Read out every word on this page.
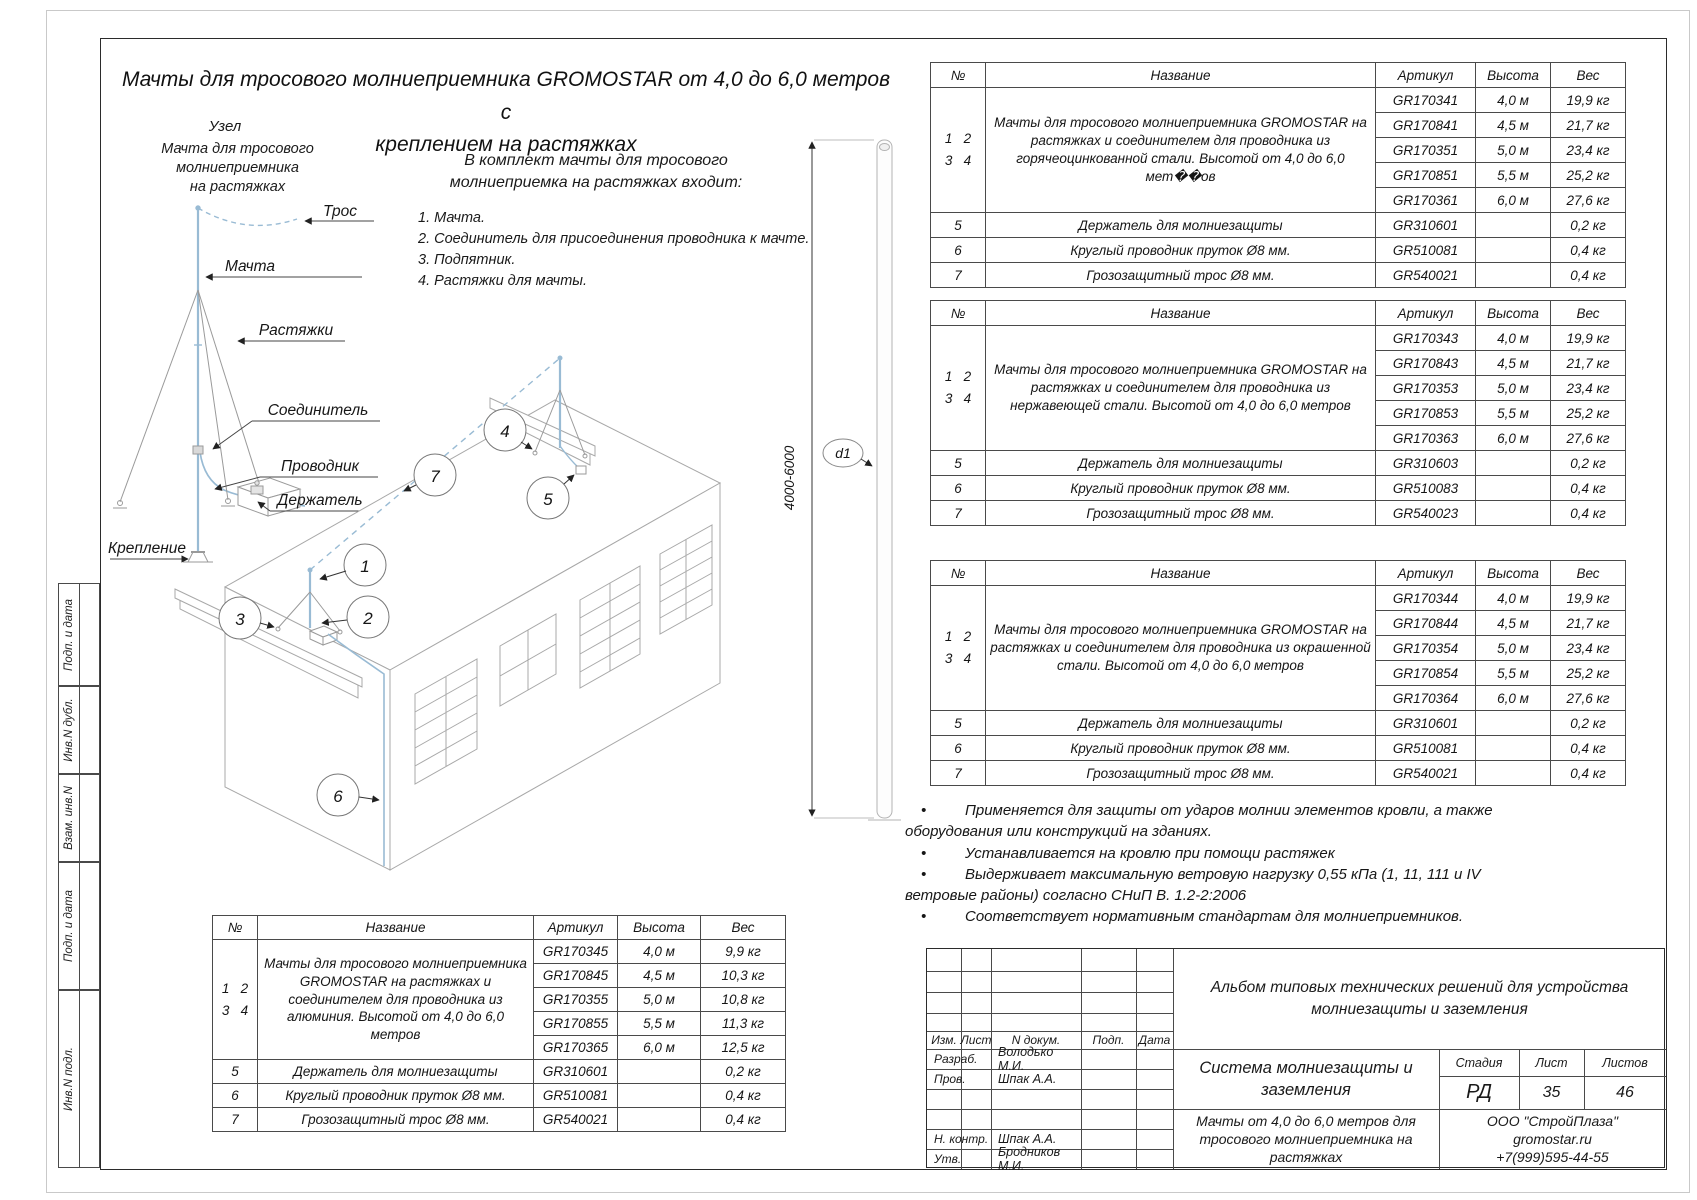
Подп. и дата
Инв.N дубл.
Взам. инв.N
Подп. и дата
Инв.N подл.
Мачты для тросового молниеприемника GROMOSTAR от 4,0 до 6,0 метров с
креплением на растяжках
Узел
Мачта для тросового молниеприемника
на растяжках
В комплект мачты для тросового
молниеприемка на растяжках входит:
1. Мачта.
2. Соединитель для присоединения проводника к мачте.
3. Подпятник.
4. Растяжки для мачты.
Трос
Мачта
Растяжки
Соединитель
Проводник
Держатель
Крепление
1
2
3
4
5
6
7	4000-6000	d1
№	Название	Артикул	Высота	Вес

1   2
3   4	Мачты для тросового молниеприемника GROMOSTAR на растяжках и соединителем для проводника из горячеоцинкованной стали. Высотой от 4,0 до 6,0 мет��ов	GR170341	4,0 м	19,9 кг
		GR170841	4,5 м	21,7 кг
		GR170351	5,0 м	23,4 кг
		GR170851	5,5 м	25,2 кг
		GR170361	6,0 м	27,6 кг
5	Держатель для молниезащиты	GR310601		0,2 кг
6	Круглый проводник пруток Ø8 мм.	GR510081		0,4 кг
7	Грозозащитный трос Ø8 мм.	GR540021		0,4 кг
№	Название	Артикул	Высота	Вес

1   2
3   4	Мачты для тросового молниеприемника GROMOSTAR на растяжках и соединителем для проводника из нержавеющей стали. Высотой от 4,0 до 6,0 метров	GR170343	4,0 м	19,9 кг
		GR170843	4,5 м	21,7 кг
		GR170353	5,0 м	23,4 кг
		GR170853	5,5 м	25,2 кг
		GR170363	6,0 м	27,6 кг
5	Держатель для молниезащиты	GR310603		0,2 кг
6	Круглый проводник пруток Ø8 мм.	GR510083		0,4 кг
7	Грозозащитный трос Ø8 мм.	GR540023		0,4 кг
№	Название	Артикул	Высота	Вес

1   2
3   4	Мачты для тросового молниеприемника GROMOSTAR на растяжках и соединителем для проводника из окрашенной стали. Высотой от 4,0 до 6,0 метров	GR170344	4,0 м	19,9 кг
		GR170844	4,5 м	21,7 кг
		GR170354	5,0 м	23,4 кг
		GR170854	5,5 м	25,2 кг
		GR170364	6,0 м	27,6 кг
5	Держатель для молниезащиты	GR310601		0,2 кг
6	Круглый проводник пруток Ø8 мм.	GR510081		0,4 кг
7	Грозозащитный трос Ø8 мм.	GR540021		0,4 кг
•	Применяется для защиты от ударов молнии элементов кровли, а также оборудования или конструкций на зданиях.
•	Устанавливается на кровлю при помощи растяжек
•	Выдерживает максимальную ветровую нагрузку 0,55 кПа (1, 11, 111 и IV ветровые районы) согласно СНиП В. 1.2-2:2006
•	Соответствует нормативным стандартам для молниеприемников.
№	Название	Артикул	Высота	Вес

1   2
3   4	Мачты для тросового молниеприемника GROMOSTAR на растяжках и соединителем для проводника из алюминия. Высотой от 4,0 до 6,0 метров	GR170345	4,0 м	9,9 кг
		GR170845	4,5 м	10,3 кг
		GR170355	5,0 м	10,8 кг
		GR170855	5,5 м	11,3 кг
		GR170365	6,0 м	12,5 кг
5	Держатель для молниезащиты	GR310601		0,2 кг
6	Круглый проводник пруток Ø8 мм.	GR510081		0,4 кг
7	Грозозащитный трос Ø8 мм.	GR540021		0,4 кг
Изм. Лист	N докум.	Подп.	Дата
Разраб.	Володько М.И.
Пров.	Шпак А.А.
Н. контр. Шпак А.А.
Утв.	Бродников М.И.
Альбом типовых технических решений для устройства молниезащиты и заземления
Система молниезащиты и заземления
Мачты от 4,0 до 6,0 метров для тросового молниеприемника на растяжках
Стадия	Лист	Листов
РД	35	46
ООО "СтройПлаза"
gromostar.ru
+7(999)595-44-55
